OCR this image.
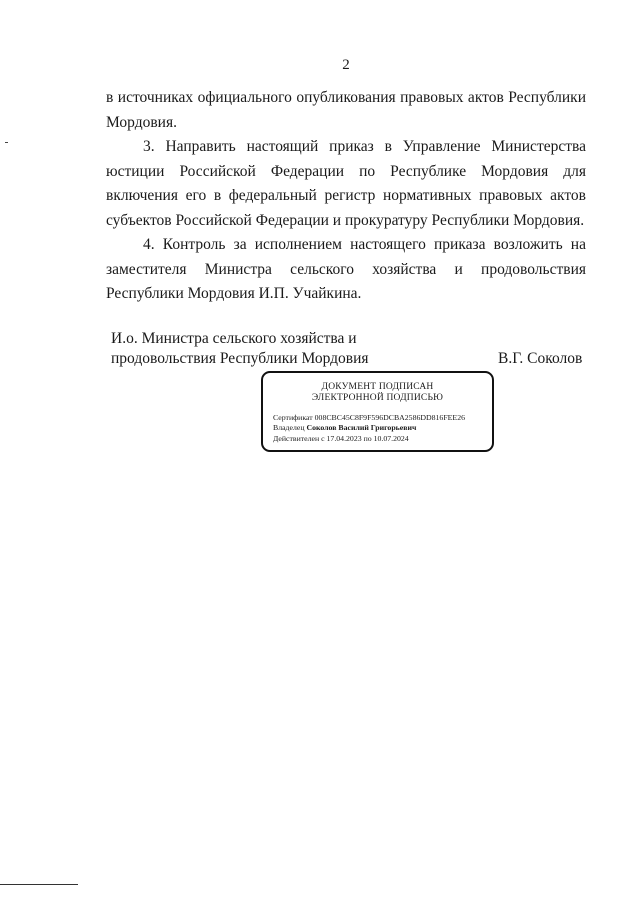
2
в источниках официального опубликования правовых актов Республики Мордовия.
3. Направить настоящий приказ в Управление Министерства юстиции Российской Федерации по Республике Мордовия для включения его в федеральный регистр нормативных правовых актов субъектов Российской Федерации и прокуратуру Республики Мордовия.
4. Контроль за исполнением настоящего приказа возложить на заместителя Министра сельского хозяйства и продовольствия Республики Мордовия И.П. Учайкина.
И.о. Министра сельского хозяйства и
продовольствия Республики Мордовия	В.Г. Соколов
ДОКУМЕНТ ПОДПИСАН
ЭЛЕКТРОННОЙ ПОДПИСЬЮ
Сертификат 008CBC45C8F9F596DCBA2586DD816FEE26
Владелец Соколов Василий Григорьевич
Действителен с 17.04.2023 по 10.07.2024
